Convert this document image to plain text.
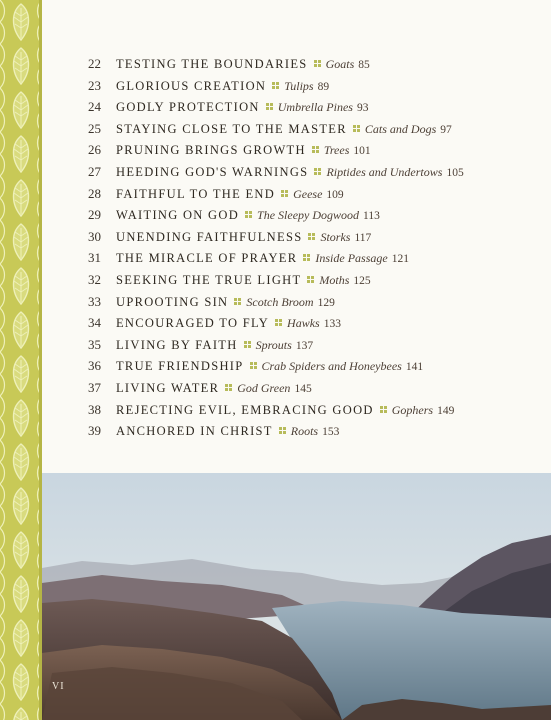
22	TESTING THE BOUNDARIES Goats 85
23	GLORIOUS CREATION Tulips 89
24	GODLY PROTECTION Umbrella Pines 93
25	STAYING CLOSE TO THE MASTER Cats and Dogs 97
26	PRUNING BRINGS GROWTH Trees 101
27	HEEDING GOD'S WARNINGS Riptides and Undertows 105
28	FAITHFUL TO THE END Geese 109
29	WAITING ON GOD The Sleepy Dogwood 113
30	UNENDING FAITHFULNESS Storks 117
31	THE MIRACLE OF PRAYER Inside Passage 121
32	SEEKING THE TRUE LIGHT Moths 125
33	UPROOTING SIN Scotch Broom 129
34	ENCOURAGED TO FLY Hawks 133
35	LIVING BY FAITH Sprouts 137
36	TRUE FRIENDSHIP Crab Spiders and Honeybees 141
37	LIVING WATER God Green 145
38	REJECTING EVIL, EMBRACING GOOD Gophers 149
39	ANCHORED IN CHRIST Roots 153
VI
